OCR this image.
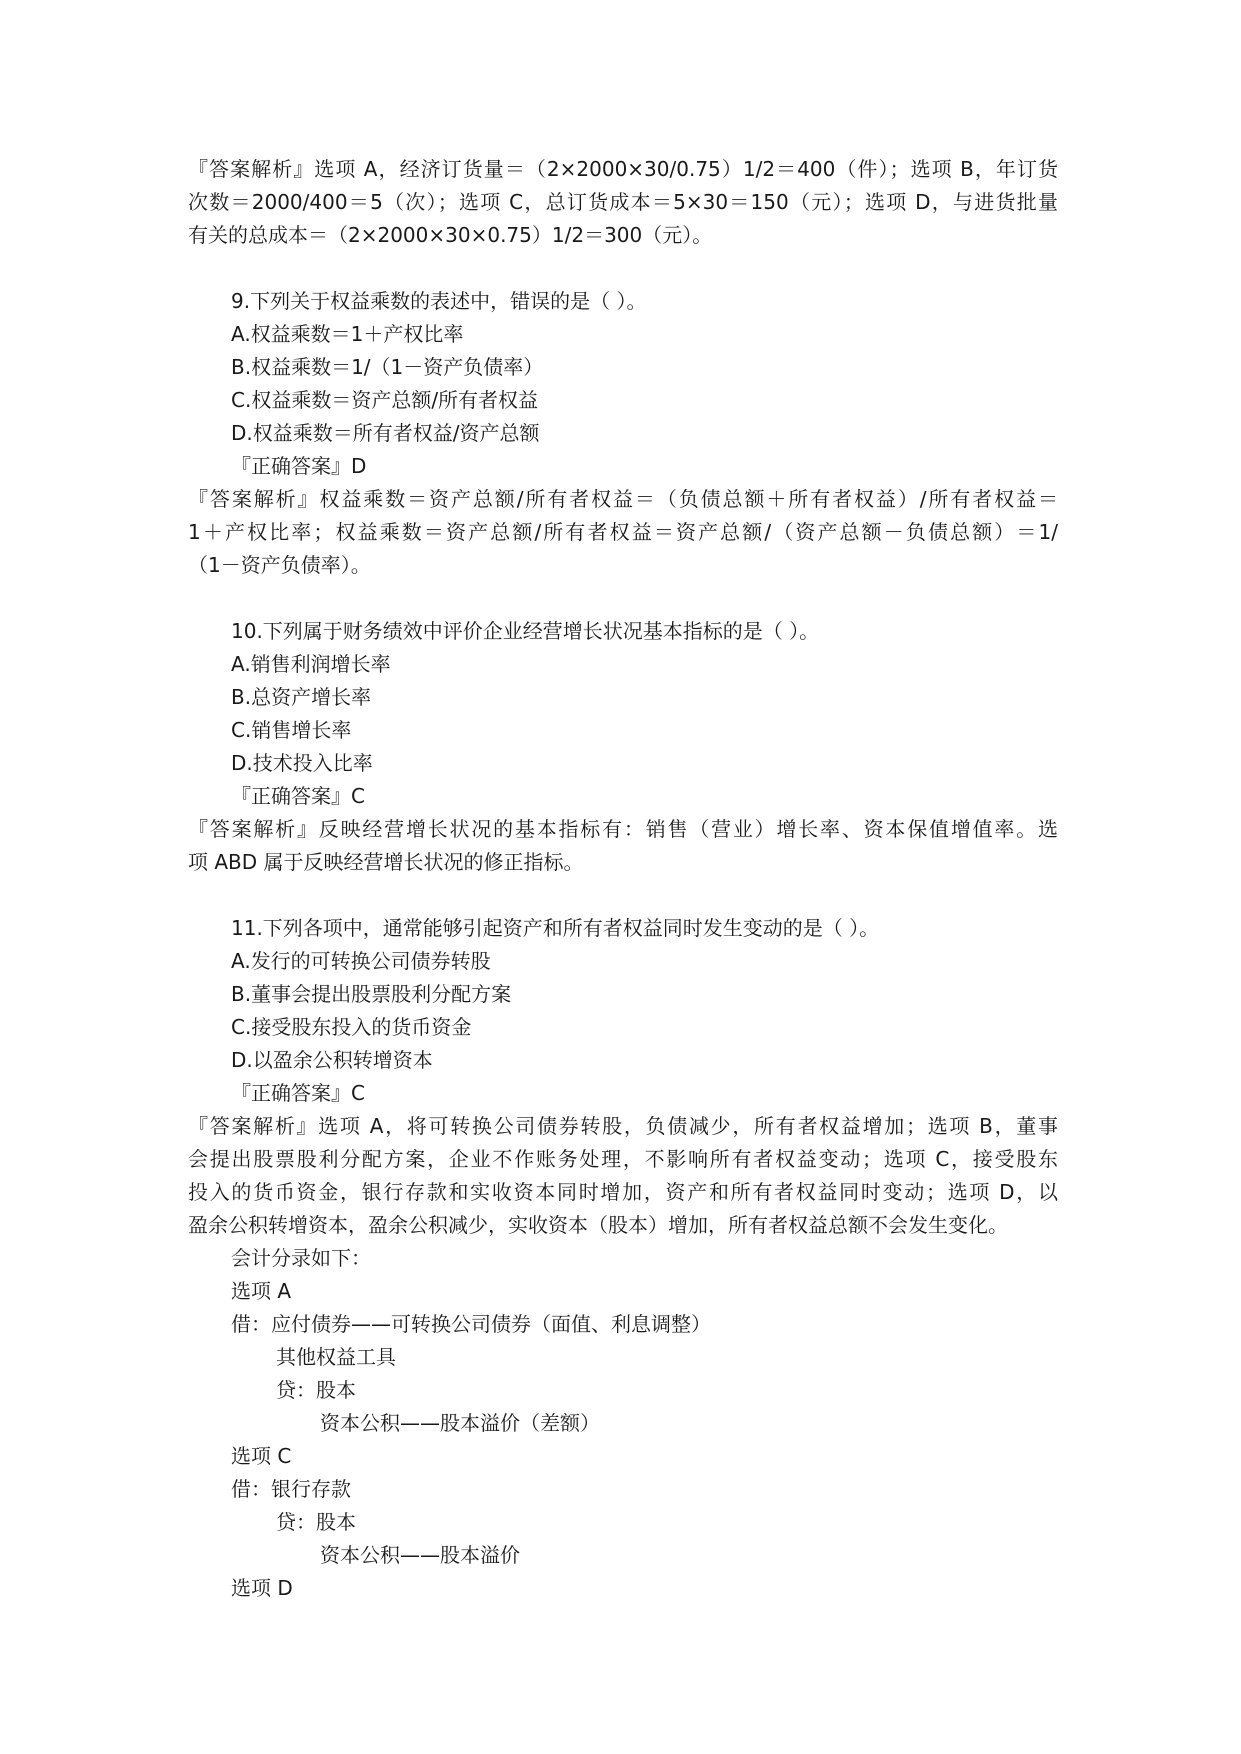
『答案解析』选项 A，经济订货量＝（2×2000×30/0.75）1/2＝400（件）；选项 B，年订货

次数＝2000/400＝5（次）；选项 C，总订货成本＝5×30＝150（元）；选项 D，与进货批量

有关的总成本＝（2×2000×30×0.75）1/2＝300（元）。

9.下列关于权益乘数的表述中，错误的是（ ）。

A.权益乘数＝1＋产权比率

B.权益乘数＝1/（1－资产负债率）

C.权益乘数＝资产总额/所有者权益

D.权益乘数＝所有者权益/资产总额

『正确答案』D

『答案解析』权益乘数＝资产总额/所有者权益＝（负债总额＋所有者权益）/所有者权益＝

1＋产权比率；权益乘数＝资产总额/所有者权益＝资产总额/（资产总额－负债总额）＝1/

（1－资产负债率）。

10.下列属于财务绩效中评价企业经营增长状况基本指标的是（ ）。

A.销售利润增长率

B.总资产增长率

C.销售增长率

D.技术投入比率

『正确答案』C

『答案解析』反映经营增长状况的基本指标有：销售（营业）增长率、资本保值增值率。选

项 ABD 属于反映经营增长状况的修正指标。

11.下列各项中，通常能够引起资产和所有者权益同时发生变动的是（ ）。

A.发行的可转换公司债券转股

B.董事会提出股票股利分配方案

C.接受股东投入的货币资金

D.以盈余公积转增资本

『正确答案』C

『答案解析』选项 A，将可转换公司债券转股，负债减少，所有者权益增加；选项 B，董事

会提出股票股利分配方案，企业不作账务处理，不影响所有者权益变动；选项 C，接受股东

投入的货币资金，银行存款和实收资本同时增加，资产和所有者权益同时变动；选项 D，以

盈余公积转增资本，盈余公积减少，实收资本（股本）增加，所有者权益总额不会发生变化。

会计分录如下：

选项 A

借：应付债券——可转换公司债券（面值、利息调整）

其他权益工具

贷：股本

资本公积——股本溢价（差额）

选项 C

借：银行存款

贷：股本

资本公积——股本溢价

选项 D
